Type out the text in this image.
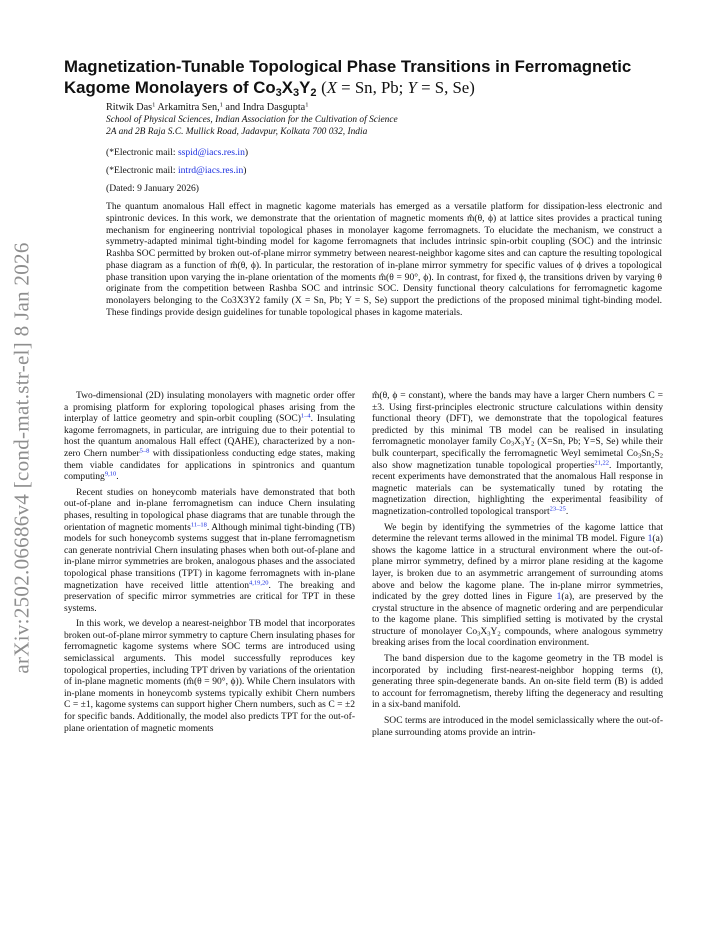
arXiv:2502.06686v4 [cond-mat.str-el] 8 Jan 2026
Magnetization-Tunable Topological Phase Transitions in Ferromagnetic
Kagome Monolayers of $Co_3X_3Y_2$ (X = Sn, Pb; Y = S, Se)
Ritwik Das$^1$ Arkamitra Sen,$^1$ and Indra Dasgupta$^1$
School of Physical Sciences, Indian Association for the Cultivation of Science
2A and 2B Raja S.C. Mullick Road, Jadavpur, Kolkata 700 032, India
(*Electronic mail: sspid@iacs.res.in)
(*Electronic mail: intrd@iacs.res.in)
(Dated: 9 January 2026)
The quantum anomalous Hall effect in magnetic kagome materials has emerged as a versatile platform for dissipation-less electronic and spintronic devices. In this work, we demonstrate that the orientation of magnetic moments m̂(θ, ϕ) at lattice sites provides a practical tuning mechanism for engineering nontrivial topological phases in monolayer kagome ferromagnets. To elucidate the mechanism, we construct a symmetry-adapted minimal tight-binding model for kagome ferromagnets that includes intrinsic spin-orbit coupling (SOC) and the intrinsic Rashba SOC permitted by broken out-of-plane mirror symmetry between nearest-neighbor kagome sites and can capture the resulting topological phase diagram as a function of m̂(θ, ϕ). In particular, the restoration of in-plane mirror symmetry for specific values of ϕ drives a topological phase transition upon varying the in-plane orientation of the moments m̂(θ = 90°, ϕ). In contrast, for fixed ϕ, the transitions driven by varying θ originate from the competition between Rashba SOC and intrinsic SOC. Density functional theory calculations for ferromagnetic kagome monolayers belonging to the Co3X3Y2 family (X = Sn, Pb; Y = S, Se) support the predictions of the proposed minimal tight-binding model. These findings provide design guidelines for tunable topological phases in kagome materials.

Two-dimensional (2D) insulating monolayers with magnetic order offer a promising platform for exploring topological phases arising from the interplay of lattice geometry and spin-orbit coupling (SOC)$^{1-4}$. Insulating kagome ferromagnets, in particular, are intriguing due to their potential to host the quantum anomalous Hall effect (QAHE), characterized by a non-zero Chern number$^{5-8}$ with dissipationless conducting edge states, making them viable candidates for applications in spintronics and quantum computing$^{9,10}$.

Recent studies on honeycomb materials have demonstrated that both out-of-plane and in-plane ferromagnetism can induce Chern insulating phases, resulting in topological phase diagrams that are tunable through the orientation of magnetic moments$^{11-18}$. Although minimal tight-binding (TB) models for such honeycomb systems suggest that in-plane ferromagnetism can generate nontrivial Chern insulating phases when both out-of-plane and in-plane mirror symmetries are broken, analogous phases and the associated topological phase transitions (TPT) in kagome ferromagnets with in-plane magnetization have received little attention$^{4,19,20}$. The breaking and preservation of specific mirror symmetries are critical for TPT in these systems.

In this work, we develop a nearest-neighbor TB model that incorporates broken out-of-plane mirror symmetry to capture Chern insulating phases for ferromagnetic kagome systems where SOC terms are introduced using semiclassical arguments. This model successfully reproduces key topological properties, including TPT driven by variations of the orientation of in-plane magnetic moments (m̂(θ = 90°, ϕ)). While Chern insulators with in-plane moments in honeycomb systems typically exhibit Chern numbers C = ±1, kagome systems can support higher Chern numbers, such as C = ±2 for specific bands. Additionally, the model also predicts TPT for the out-of-plane orientation of magnetic moments

m̂(θ, ϕ = constant), where the bands may have a larger Chern numbers C = ±3. Using first-principles electronic structure calculations within density functional theory (DFT), we demonstrate that the topological features predicted by this minimal TB model can be realised in insulating ferromagnetic monolayer family $Co_3X_3Y_2$ (X=Sn, Pb; Y=S, Se) while their bulk counterpart, specifically the ferromagnetic Weyl semimetal $Co_3Sn_2S_2$ also show magnetization tunable topological properties$^{21,22}$. Importantly, recent experiments have demonstrated that the anomalous Hall response in magnetic materials can be systematically tuned by rotating the magnetization direction, highlighting the experimental feasibility of magnetization-controlled topological transport$^{23-25}$.

We begin by identifying the symmetries of the kagome lattice that determine the relevant terms allowed in the minimal TB model. Figure 1(a) shows the kagome lattice in a structural environment where the out-of-plane mirror symmetry, defined by a mirror plane residing at the kagome layer, is broken due to an asymmetric arrangement of surrounding atoms above and below the kagome plane. The in-plane mirror symmetries, indicated by the grey dotted lines in Figure 1(a), are preserved by the crystal structure in the absence of magnetic ordering and are perpendicular to the kagome plane. This simplified setting is motivated by the crystal structure of monolayer $Co_3X_3Y_2$ compounds, where analogous symmetry breaking arises from the local coordination environment.

The band dispersion due to the kagome geometry in the TB model is incorporated by including first-nearest-neighbor hopping terms (t), generating three spin-degenerate bands. An on-site field term (B) is added to account for ferromagnetism, thereby lifting the degeneracy and resulting in a six-band manifold.

SOC terms are introduced in the model semiclassically where the out-of-plane surrounding atoms provide an intrin-
